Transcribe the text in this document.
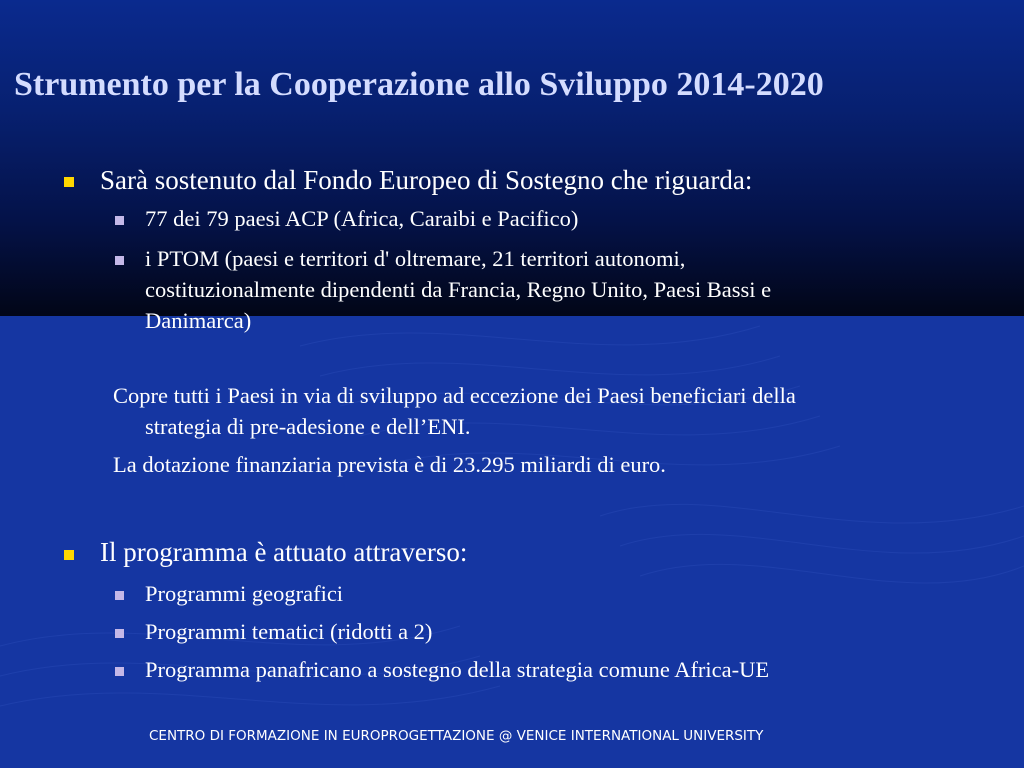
Strumento per la Cooperazione allo Sviluppo 2014-2020
Sarà sostenuto dal Fondo Europeo di Sostegno che riguarda:
77 dei 79 paesi ACP (Africa, Caraibi e Pacifico)
i PTOM (paesi e territori d' oltremare, 21 territori autonomi,
costituzionalmente dipendenti da Francia, Regno Unito, Paesi Bassi e
Danimarca)
Copre tutti i Paesi in via di sviluppo ad eccezione dei Paesi beneficiari della
strategia di pre-adesione e dell’ENI.
La dotazione finanziaria prevista è di 23.295 miliardi di euro.
Il programma è attuato attraverso:
Programmi geografici
Programmi tematici (ridotti a 2)
Programma panafricano a sostegno della strategia comune Africa-UE
CENTRO DI FORMAZIONE IN EUROPROGETTAZIONE @ VENICE INTERNATIONAL UNIVERSITY
